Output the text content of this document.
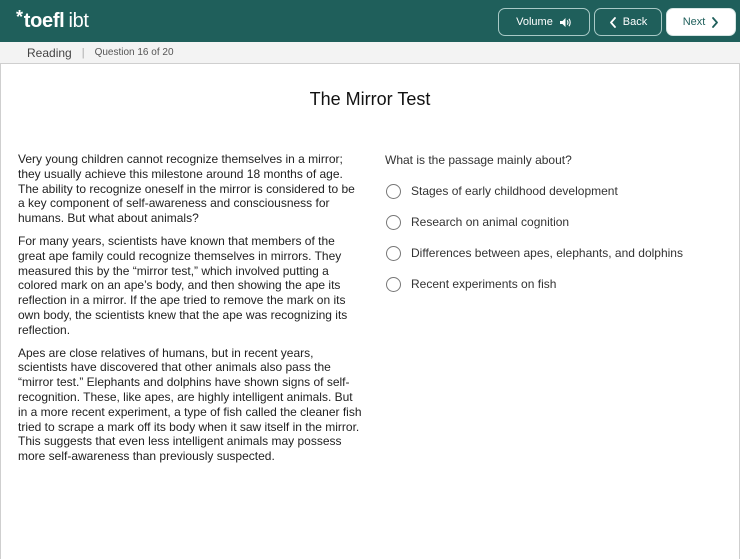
* toefl ibt	Volume	Back	Next
Reading | Question 16 of 20
The Mirror Test

Very young children cannot recognize themselves in a mirror; they usually achieve this milestone around 18 months of age. The ability to recognize oneself in the mirror is considered to be a key component of self-awareness and consciousness for humans. But what about animals?

For many years, scientists have known that members of the great ape family could recognize themselves in mirrors. They measured this by the “mirror test,” which involved putting a colored mark on an ape’s body, and then showing the ape its reflection in a mirror. If the ape tried to remove the mark on its own body, the scientists knew that the ape was recognizing its reflection.

Apes are close relatives of humans, but in recent years, scientists have discovered that other animals also pass the “mirror test.” Elephants and dolphins have shown signs of self-recognition. These, like apes, are highly intelligent animals. But in a more recent experiment, a type of fish called the cleaner fish tried to scrape a mark off its body when it saw itself in the mirror. This suggests that even less intelligent animals may possess more self-awareness than previously suspected.

What is the passage mainly about?
Stages of early childhood development
Research on animal cognition
Differences between apes, elephants, and dolphins
Recent experiments on fish
